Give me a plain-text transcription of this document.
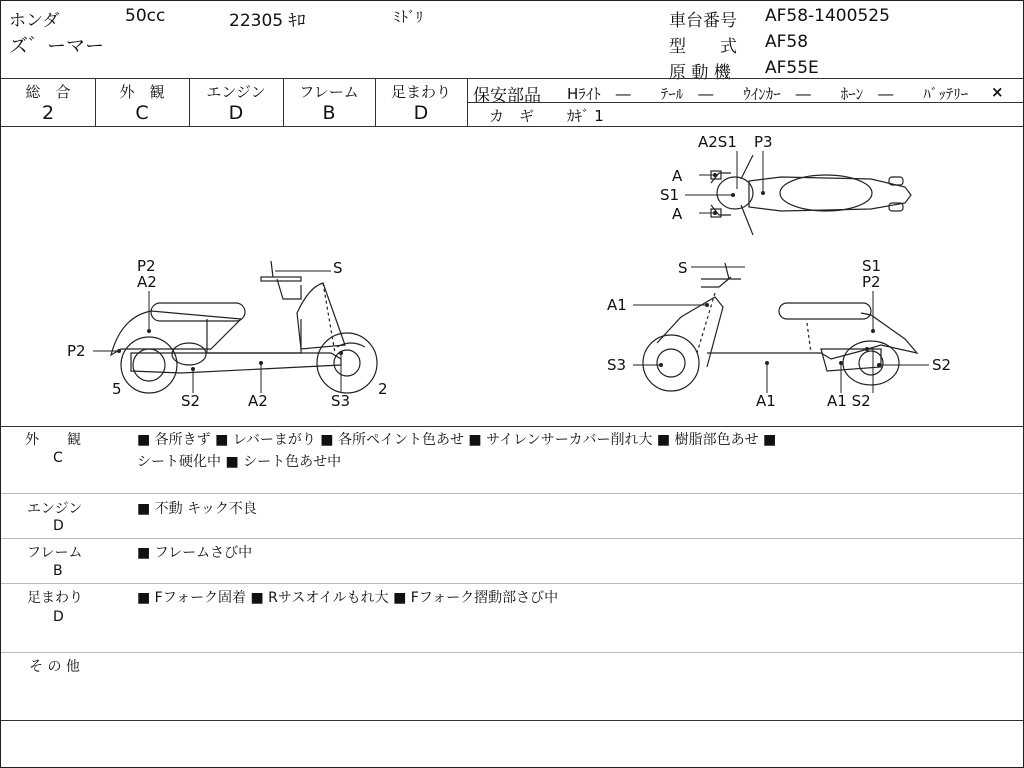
ホンダ	50cc	22305 ｷﾛ	ﾐﾄﾞﾘ
ズ゛ーマー
車台番号 AF58-1400525
型　　式 AF58
原 動 機 AF55E
総　合
2
外　観
C
エンジン
D
フレーム
B
足まわり
D
保安部品 Hﾗｲﾄ　―　　ﾃｰﾙ　―　　ｳｲﾝｶｰ　―　　ﾎｰﾝ　―　　ﾊﾞｯﾃﾘｰ ×
カ　ギ ｶｷﾞ 1
P2
A2
S
P2
5
S2	A2	S3
2
A2S1 P3
A
S1
A
S	S1
P2
A1
S3	S2
A1	A1 S2
外　　観
C
■ 各所きず ■ レバーまがり ■ 各所ペイント色あせ ■ サイレンサーカバー削れ大 ■ 樹脂部色あせ ■
シート硬化中 ■ シート色あせ中
エンジン
D
■ 不動 キック不良
フレーム
B
■ フレームさび中
足まわり
D
■ Fフォーク固着 ■ Rサスオイルもれ大 ■ Fフォーク摺動部さび中
そ の 他
